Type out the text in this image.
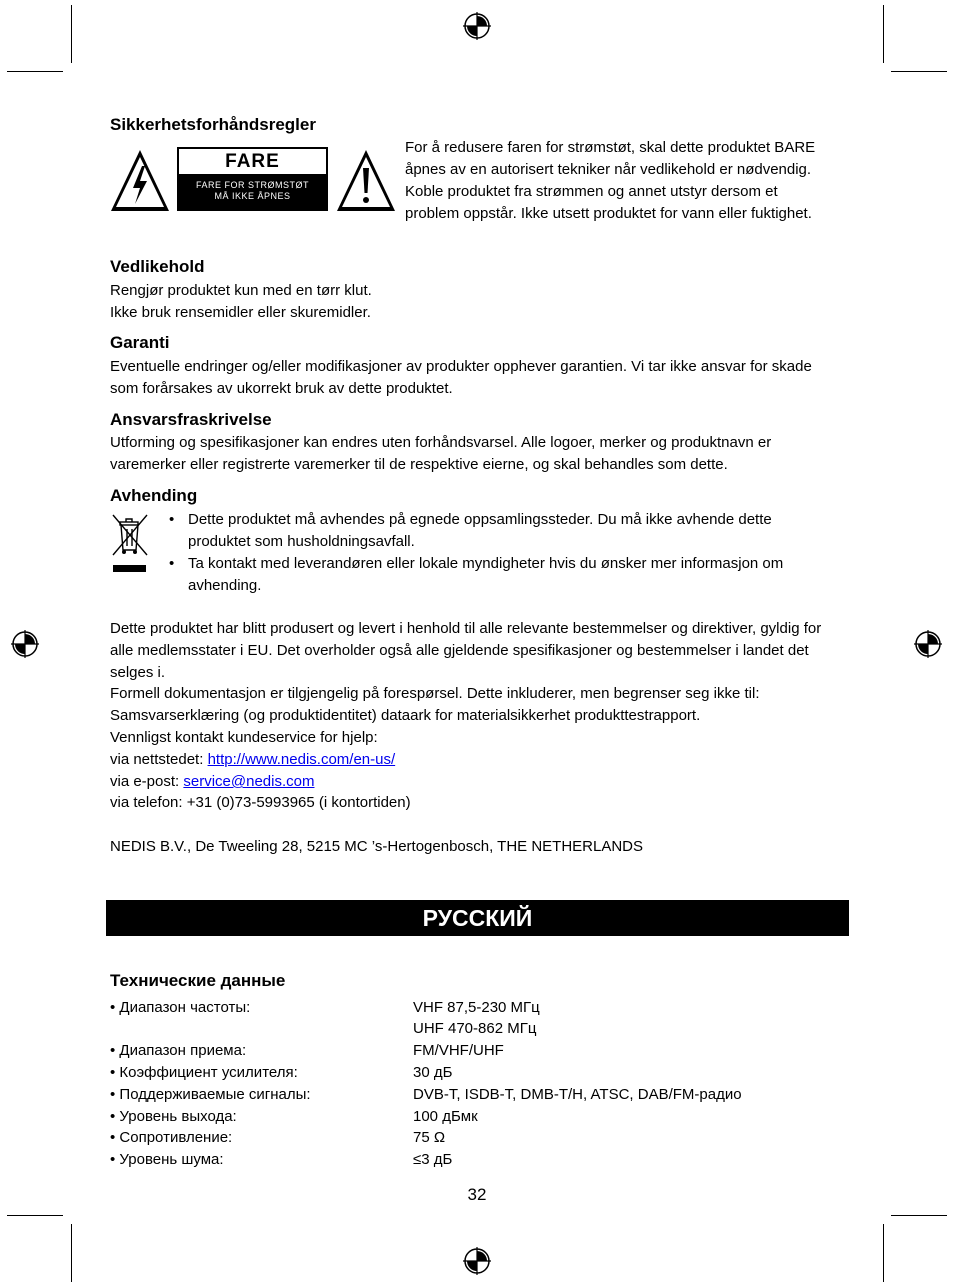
Sikkerhetsforhåndsregler
FARE
FARE FOR STRØMSTØT
MÅ IKKE ÅPNES
For å redusere faren for strømstøt, skal dette produktet BARE åpnes av en autorisert tekniker når vedlikehold er nødvendig. Koble produktet fra strømmen og annet utstyr dersom et problem oppstår. Ikke utsett produktet for vann eller fuktighet.
Vedlikehold
Rengjør produktet kun med en tørr klut.
Ikke bruk rensemidler eller skuremidler.
Garanti
Eventuelle endringer og/eller modifikasjoner av produkter opphever garantien. Vi tar ikke ansvar for skade som forårsakes av ukorrekt bruk av dette produktet.
Ansvarsfraskrivelse
Utforming og spesifikasjoner kan endres uten forhåndsvarsel. Alle logoer, merker og produktnavn er varemerker eller registrerte varemerker til de respektive eierne, og skal behandles som dette.
Avhending
• Dette produktet må avhendes på egnede oppsamlingssteder. Du må ikke avhende dette produktet som husholdningsavfall.
• Ta kontakt med leverandøren eller lokale myndigheter hvis du ønsker mer informasjon om avhending.
Dette produktet har blitt produsert og levert i henhold til alle relevante bestemmelser og direktiver, gyldig for alle medlemsstater i EU. Det overholder også alle gjeldende spesifikasjoner og bestemmelser i landet det selges i.
Formell dokumentasjon er tilgjengelig på forespørsel. Dette inkluderer, men begrenser seg ikke til: Samsvarserklæring (og produktidentitet) dataark for materialsikkerhet produkttestrapport.
Vennligst kontakt kundeservice for hjelp:
via nettstedet: http://www.nedis.com/en-us/
via e-post: service@nedis.com
via telefon: +31 (0)73-5993965 (i kontortiden)
NEDIS B.V., De Tweeling 28, 5215 MC ’s-Hertogenbosch, THE NETHERLANDS
РУССКИЙ
Технические данные
• Диапазон частоты:	VHF 87,5-230 МГц
UHF 470-862 МГц
• Диапазон приема:	FM/VHF/UHF
• Коэффициент усилителя:	30 дБ
• Поддерживаемые сигналы:	DVB-T, ISDB-T, DMB-T/H, ATSC, DAB/FM-радио
• Уровень выхода:	100 дБмк
• Сопротивление:	75 Ω
• Уровень шума:	≤3 дБ
32
